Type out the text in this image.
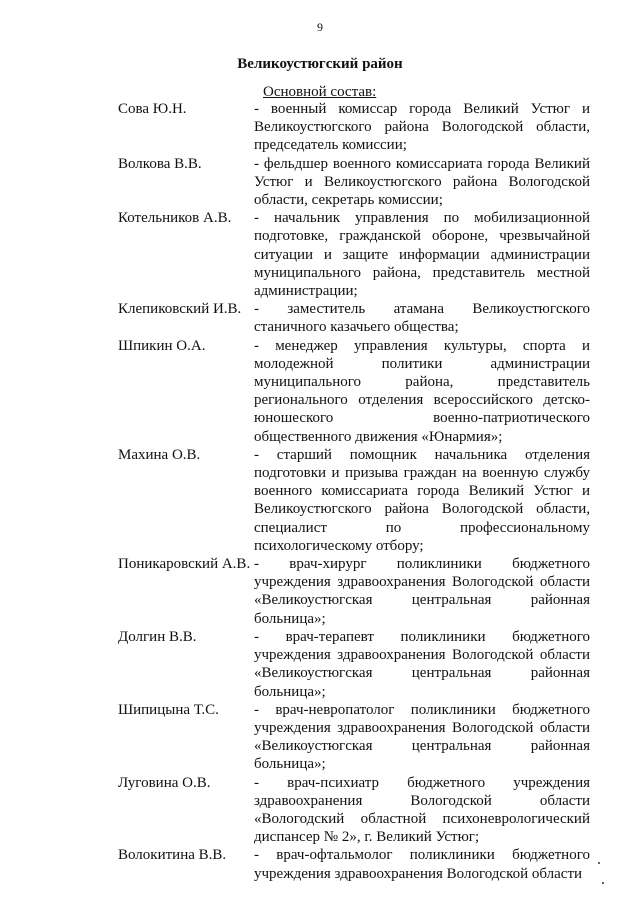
9
Великоустюгский район
Основной состав:
Сова Ю.Н.	- военный комиссар города Великий Устюг и Великоустюгского района Вологодской области, председатель комиссии;
Волкова В.В.	- фельдшер военного комиссариата города Великий Устюг и Великоустюгского района Вологодской области, секретарь комиссии;
Котельников А.В.	- начальник управления по мобилизационной подготовке, гражданской обороне, чрезвычайной ситуации и защите информации администрации муниципального района, представитель местной администрации;
Клепиковский И.В. - заместитель атамана Великоустюгского станичного казачьего общества;
Шпикин О.А.	- менеджер управления культуры, спорта и молодежной политики администрации муниципального района, представитель регионального отделения всероссийского детско-юношеского военно-патриотического общественного движения «Юнармия»;
Махина О.В.	- старший помощник начальника отделения подготовки и призыва граждан на военную службу военного комиссариата города Великий Устюг и Великоустюгского района Вологодской области, специалист по профессиональному психологическому отбору;
Поникаровский А.В. - врач-хирург поликлиники бюджетного учреждения здравоохранения Вологодской области «Великоустюгская центральная районная больница»;
Долгин В.В.	- врач-терапевт поликлиники бюджетного учреждения здравоохранения Вологодской области «Великоустюгская центральная районная больница»;
Шипицына Т.С.	- врач-невропатолог поликлиники бюджетного учреждения здравоохранения Вологодской области «Великоустюгская центральная районная больница»;
Луговина О.В.	- врач-психиатр бюджетного учреждения здравоохранения Вологодской области «Вологодский областной психоневрологический диспансер № 2», г. Великий Устюг;
Волокитина В.В.	- врач-офтальмолог поликлиники бюджетного учреждения здравоохранения Вологодской области
